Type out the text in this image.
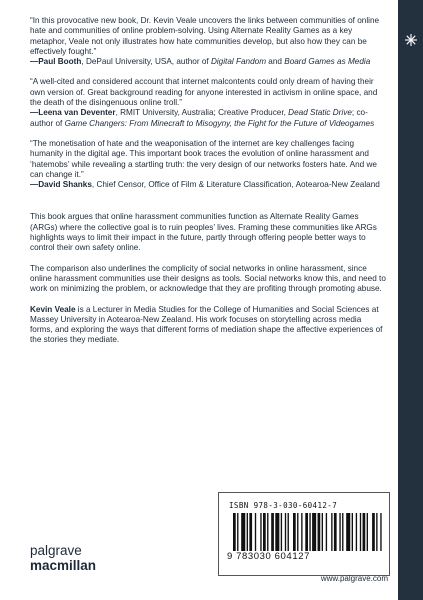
“In this provocative new book, Dr. Kevin Veale uncovers the links between communities of online hate and communities of online problem-solving. Using Alternate Reality Games as a key metaphor, Veale not only illustrates how hate communities develop, but also how they can be effectively fought.”

—Paul Booth, DePaul University, USA, author of Digital Fandom and Board Games as Media

“A well-cited and considered account that internet malcontents could only dream of having their own version of. Great background reading for anyone interested in activism in online space, and the death of the disingenuous online troll.”

—Leena van Deventer, RMIT University, Australia; Creative Producer, Dead Static Drive; co-author of Game Changers: From Minecraft to Misogyny, the Fight for the Future of Videogames

“The monetisation of hate and the weaponisation of the internet are key challenges facing humanity in the digital age. This important book traces the evolution of online harassment and ‘hatemobs’ while revealing a startling truth: the very design of our networks fosters hate. And we can change it.”

—David Shanks, Chief Censor, Office of Film & Literature Classification, Aotearoa-New Zealand

This book argues that online harassment communities function as Alternate Reality Games (ARGs) where the collective goal is to ruin peoples’ lives. Framing these communities like ARGs highlights ways to limit their impact in the future, partly through offering people better ways to control their own safety online.

The comparison also underlines the complicity of social networks in online harassment, since online harassment communities use their designs as tools. Social networks know this, and need to work on minimizing the problem, or acknowledge that they are profiting through promoting abuse.

Kevin Veale is a Lecturer in Media Studies for the College of Humanities and Social Sciences at Massey University in Aotearoa-New Zealand. His work focuses on storytelling across media forms, and exploring the ways that different forms of mediation shape the affective experiences of the stories they mediate.

palgrave
macmillan
ISBN 978-3-030-60412-7
9 783030 604127
www.palgrave.com
